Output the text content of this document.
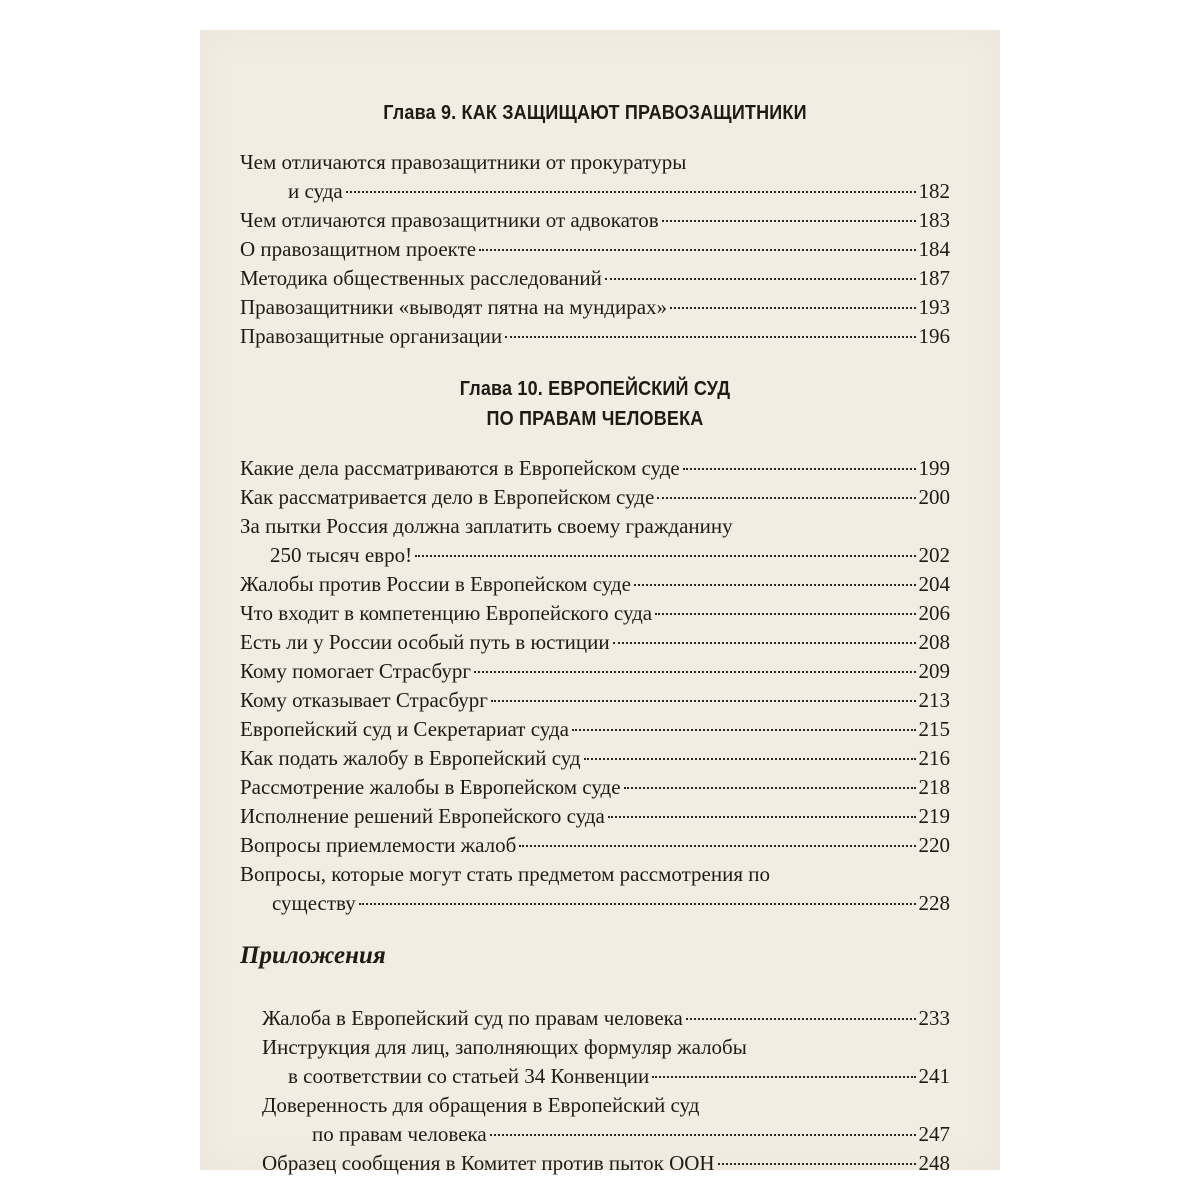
Глава 9. КАК ЗАЩИЩАЮТ ПРАВОЗАЩИТНИКИ
Чем отличаются правозащитники от прокуратуры
и суда	182
Чем отличаются правозащитники от адвокатов	183
О правозащитном проекте	184
Методика общественных расследований	187
Правозащитники «выводят пятна на мундирах»	193
Правозащитные организации	196
Глава 10. ЕВРОПЕЙСКИЙ СУД
ПО ПРАВАМ ЧЕЛОВЕКА
Какие дела рассматриваются в Европейском суде	199
Как рассматривается дело в Европейском суде	200
За пытки Россия должна заплатить своему гражданину
250 тысяч евро!	202
Жалобы против России в Европейском суде	204
Что входит в компетенцию Европейского суда	206
Есть ли у России особый путь в юстиции	208
Кому помогает Страсбург	209
Кому отказывает Страсбург	213
Европейский суд и Секретариат суда	215
Как подать жалобу в Европейский суд	216
Рассмотрение жалобы в Европейском суде	218
Исполнение решений Европейского суда	219
Вопросы приемлемости жалоб	220
Вопросы, которые могут стать предметом рассмотрения по
существу	228
Приложения
Жалоба в Европейский суд по правам человека	233
Инструкция для лиц, заполняющих формуляр жалобы
в соответствии со статьей 34 Конвенции	241
Доверенность для обращения в Европейский суд
по правам человека	247
Образец сообщения в Комитет против пыток ООН	248
